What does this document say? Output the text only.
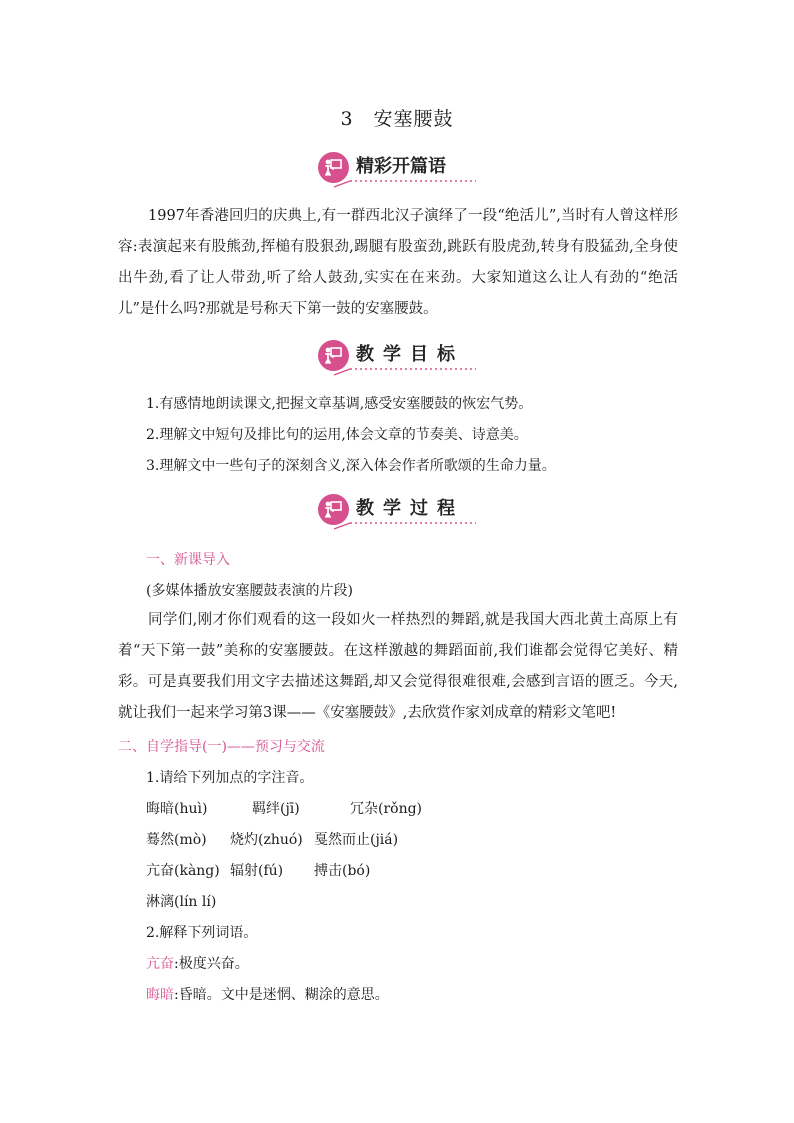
3　安塞腰鼓
精彩开篇语
1997年香港回归的庆典上,有一群西北汉子演绎了一段“绝活儿”,当时有人曾这样形容:表演起来有股熊劲,挥槌有股狠劲,踢腿有股蛮劲,跳跃有股虎劲,转身有股猛劲,全身使出牛劲,看了让人带劲,听了给人鼓劲,实实在在来劲。大家知道这么让人有劲的“绝活儿”是什么吗?那就是号称天下第一鼓的安塞腰鼓。
教学目标
1.有感情地朗读课文,把握文章基调,感受安塞腰鼓的恢宏气势。
2.理解文中短句及排比句的运用,体会文章的节奏美、诗意美。
3.理解文中一些句子的深刻含义,深入体会作者所歌颂的生命力量。
教学过程
一、新课导入
(多媒体播放安塞腰鼓表演的片段)
同学们,刚才你们观看的这一段如火一样热烈的舞蹈,就是我国大西北黄土高原上有着“天下第一鼓”美称的安塞腰鼓。在这样激越的舞蹈面前,我们谁都会觉得它美好、精彩。可是真要我们用文字去描述这舞蹈,却又会觉得很难很难,会感到言语的匮乏。今天,就让我们一起来学习第3课——《安塞腰鼓》,去欣赏作家刘成章的精彩文笔吧!
二、自学指导(一)——预习与交流
1.请给下列加点的字注音。
晦暗(huì)	羁绊(jī)	冗杂(rǒng)
蓦然(mò) 烧灼(zhuó) 戛然而止(jiá)
亢奋(kàng) 辐射(fú) 搏击(bó)
淋漓(lín lí)
2.解释下列词语。
亢奋:极度兴奋。
晦暗:昏暗。文中是迷惘、糊涂的意思。
